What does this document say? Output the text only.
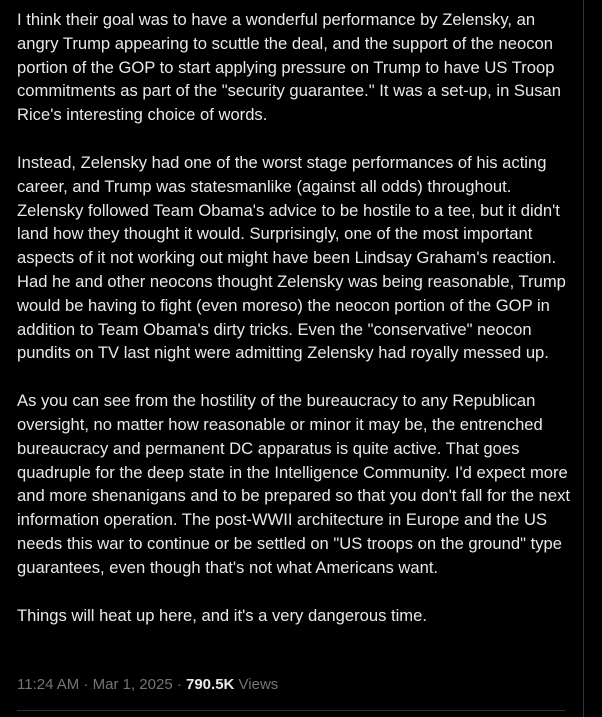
I think their goal was to have a wonderful performance by Zelensky, an angry Trump appearing to scuttle the deal, and the support of the neocon portion of the GOP to start applying pressure on Trump to have US Troop commitments as part of the "security guarantee." It was a set-up, in Susan Rice's interesting choice of words.

Instead, Zelensky had one of the worst stage performances of his acting career, and Trump was statesmanlike (against all odds) throughout. Zelensky followed Team Obama's advice to be hostile to a tee, but it didn't land how they thought it would. Surprisingly, one of the most important aspects of it not working out might have been Lindsay Graham's reaction. Had he and other neocons thought Zelensky was being reasonable, Trump would be having to fight (even moreso) the neocon portion of the GOP in addition to Team Obama's dirty tricks. Even the "conservative" neocon pundits on TV last night were admitting Zelensky had royally messed up.

As you can see from the hostility of the bureaucracy to any Republican oversight, no matter how reasonable or minor it may be, the entrenched bureaucracy and permanent DC apparatus is quite active. That goes quadruple for the deep state in the Intelligence Community. I'd expect more and more shenanigans and to be prepared so that you don't fall for the next information operation. The post-WWII architecture in Europe and the US needs this war to continue or be settled on "US troops on the ground" type guarantees, even though that's not what Americans want.

Things will heat up here, and it's a very dangerous time.

11:24 AM · Mar 1, 2025 · 790.5K Views
